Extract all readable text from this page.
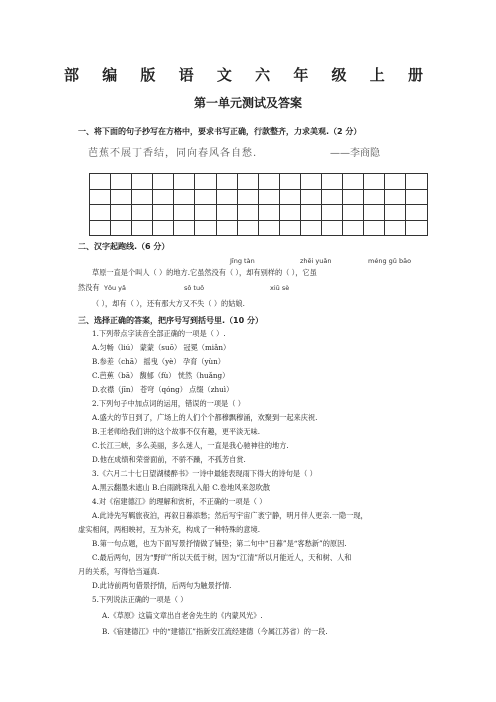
部 编 版 语 文 六 年 级 上 册
第一单元测试及答案
一、将下面的句子抄写在方格中，要求书写正确，行款整齐，力求美观.（2 分）
芭蕉不展丁香结，同向春风各自愁.	——李商隐

二、汉字起跑线.（6 分）
Jīng tàn	zhēi yuǎn	méng gǔ bāo
草原一直是个叫人（ ）的地方.它虽然没有（ ），却有别样的（ ），它虽
然没有 Yōu yǎ	sǒ tuō	xiū sè
（ ），却有（ ），还有那大方又不失（ ）的姑娘.
三、选择正确的答案，把序号写到括号里.（10 分）
1.下列带点字读音全部正确的一项是（ ）.
A.匀畅（liú） 蒙蒙（suō） 冠冕（miǎn）
B.参差（chā） 摇曳（yè） 孕育（yùn）
C.芭蕉（bā） 馥郁（fù） 恍然（huǎng）
D.衣襟（jīn） 苍穹（qóng） 点缀（zhuì）
2.下列句子中加点词的运用，错误的一项是（ ）
A.盛大的节日到了，广场上的人们个个都穆飘穆涌，欢聚到一起来庆祝.
B.王老师给我们讲的这个故事不仅有趣，更平淡无味.
C.长江三峡，多么美丽，多么迷人，一直是我心驰神往的地方.
D.他在成绩和荣誉面前，不骄不躁，不孤芳自赏.
3.《六月二十七日望湖楼醉书》一诗中最能表现雨下得大的诗句是（ ）
A.黑云翻墨未遮山 B.白雨跳珠乱入船 C.卷地风来忽吹散
4.对《宿建德江》的理解和赏析，不正确的一项是（ ）
A.此诗先写羁旅夜泊，再叙日暮添愁；然后写宇宙广袤宁静，明月伴人更亲.一隐一现，
虚实相间，两相映衬，互为补充，构成了一种特殊的意境.
B.第一句点题，也为下面写景抒情做了铺垫；第二句中“日暮”是“客愁新”的原因.
C.最后两句，因为“野旷”所以天低于树，因为“江清”所以月能近人，天和树、人和
月的关系，写得恰当逼真.
D.此诗前两句借景抒情，后两句为触景抒情.
5.下列说法正确的一项是（ ）
A.《草原》这篇文章出自老舍先生的《内蒙风光》.
B.《宿建德江》中的“建德江”指新安江流经建德（今属江苏省）的一段.
